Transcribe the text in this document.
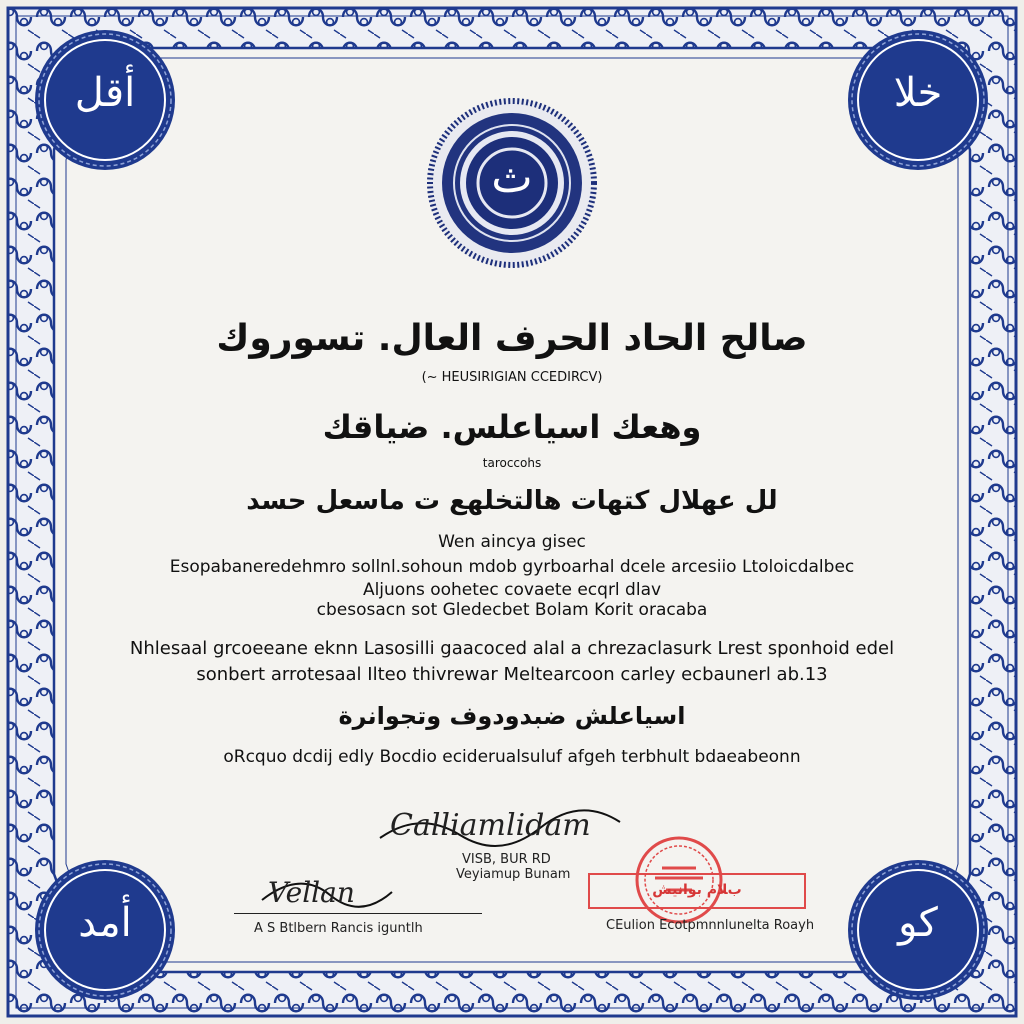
ﺃﻗﻞ	ﺧﻼ
ﺃﻣﺪ	ﻛﻮ
ﺙ
ﺻﺎﻟﺢ ﺍﻟﺤﺎﺩ ﺍﻟﺤﺮﻑ ﺍﻟﻌﺎﻝ. ﺗﺴﻮﺭﻭﻙ
(~ HEUSIRIGIAN CCEDIRCV)
ﻭﻫﻌﻚ ﺍﺳﻴﺎﻋﻠﺲ. ﺿﻴﺎﻗﻚ
taroccohs
ﻟﻞ ﻋﻬﻼﻝ ﻛﺘﻬﺎﺕ ﻫﺎﻟﺘﺨﻠﻬﻊ ﺕ ﻣﺎﺳﻌﻞ ﺣﺴﺪ
Wen aincya gisec
Esopabaneredehmro sollnl.sohoun mdob gyrboarhal dcele arcesiio Ltoloicdalbec
Aljuons oohetec covaete ecqrl dlav
cbesosacn sot Gledecbet Bolam Korit oracaba
Nhlesaal grcoeeane eknn Lasosilli gaacoced alal a chrezaclasurk Lrest sponhoid edel
sonbert arrotesaal Ilteo thivrewar Meltearcoon carley ecbaunerl ab.13
ﺍﺳﻴﺎﻋﻠﺶ ﺿﺒﺪﻭﺩﻭﻑ ﻭﺗﺠﻮﺍﻧﺮﺓ
oRcquo dcdij edly Bocdio eciderualsuluf afgeh terbhult bdaeabeonn
Calliamlidam
VISB, BUR RD
Veyiamup Bunam
Vellan
A S Btlbern Rancis iguntlh
ﺏﻼﻡ ﺑﻮﺍﻧﻴﺶ
CEulion Ecotpmnnlunelta Roayh
